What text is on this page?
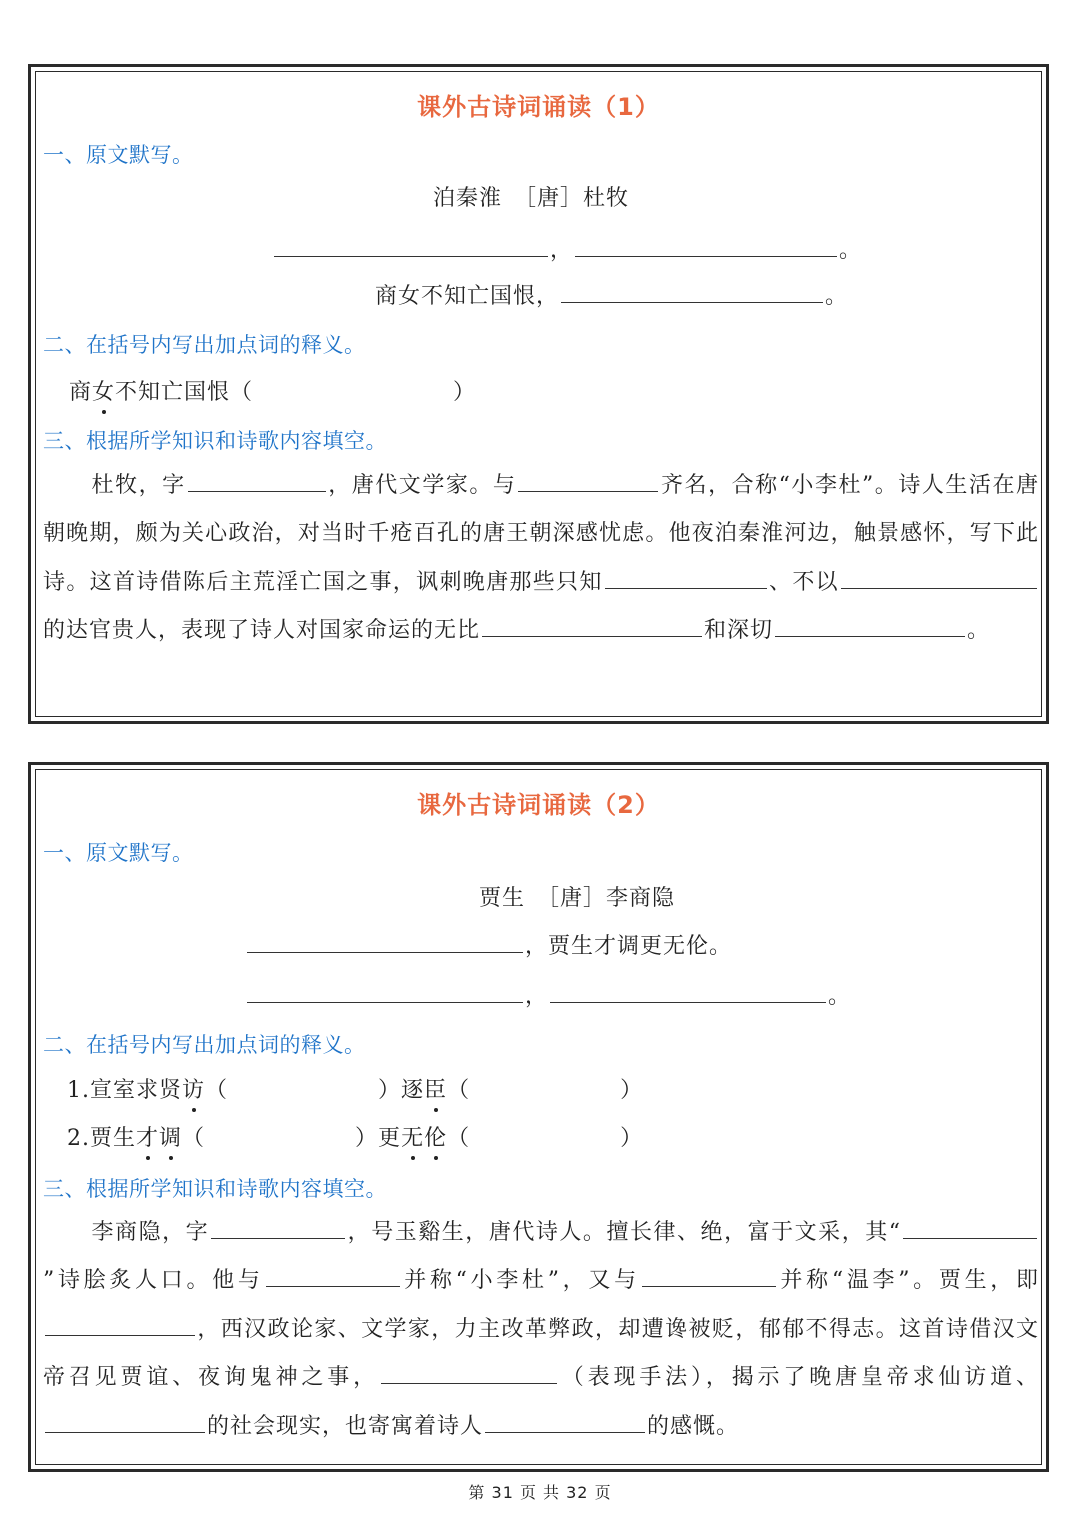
课外古诗词诵读（1）
一、原文默写。
泊秦淮　［唐］杜牧
，	。
商女不知亡国恨，	。
二、在括号内写出加点词的释义。
商女不知亡国恨（	）
三、根据所学知识和诗歌内容填空。
杜牧，字	，唐代文学家。与	齐名，合称“小李杜”。诗人生活在唐朝晚期，颇为关心政治，对当时千疮百孔的唐王朝深感忧虑。他夜泊秦淮河边，触景感怀，写下此诗。这首诗借陈后主荒淫亡国之事，讽刺晚唐那些只知	、不以的达官贵人，表现了诗人对国家命运的无比	和深切	。
课外古诗词诵读（2）
一、原文默写。
贾生　［唐］李商隐
，贾生才调更无伦。
，	。
二、在括号内写出加点词的释义。
1.宣室求贤访（	）逐臣（	）
2.贾生才调（	）更无伦（	）
三、根据所学知识和诗歌内容填空。
李商隐，字	，号玉谿生，唐代诗人。擅长律、绝，富于文采，其“”诗脍炙人口。他与	并称“小李杜”，又与	并称“温李”。贾生，即，西汉政论家、文学家，力主改革弊政，却遭谗被贬，郁郁不得志。这首诗借汉文帝召见贾谊、夜询鬼神之事，	（表现手法），揭示了晚唐皇帝求仙访道、的社会现实，也寄寓着诗人	的感慨。
第 31 页 共 32 页
